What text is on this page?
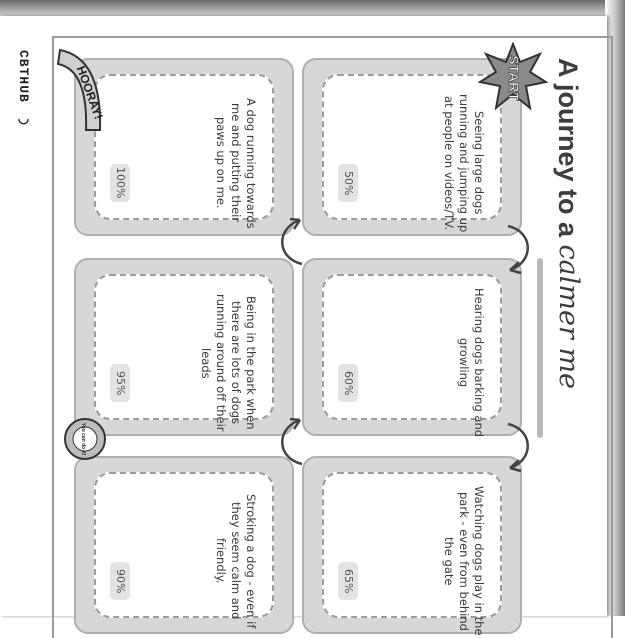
CBTHUB ◡	A journey to a calmer me
Seeing large dogs running and jumping up at people on videos/TV.
50%
A dog running towards me and putting their paws up on me.
100%
Hearing dogs barking and growling
60%
Being in the park when there are lots of dogs running around off their leads
95%
Watching dogs play in the park - even from behind the gate
65%
Stroking a dog - even if they seem calm and friendly.
90%
START
HOORAY!
You can do it!
